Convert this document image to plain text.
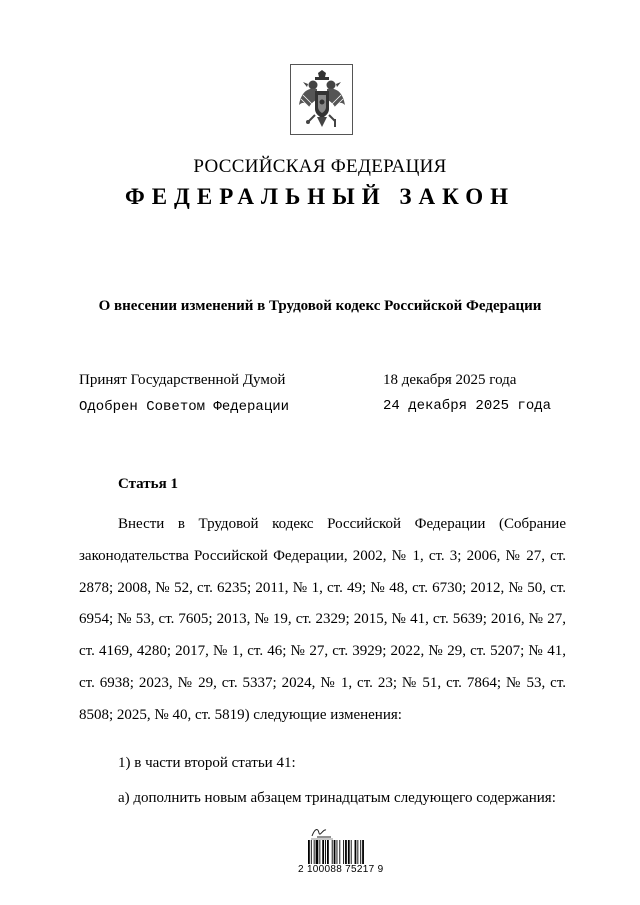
РОССИЙСКАЯ ФЕДЕРАЦИЯ
ФЕДЕРАЛЬНЫЙ ЗАКОН
О внесении изменений в Трудовой кодекс Российской Федерации
Принят Государственной Думой	18 декабря 2025 года
Одобрен Советом Федерации	24 декабря 2025 года
Статья 1
Внести в Трудовой кодекс Российской Федерации (Собрание законодательства Российской Федерации, 2002, № 1, ст. 3; 2006, № 27, ст. 2878; 2008, № 52, ст. 6235; 2011, № 1, ст. 49; № 48, ст. 6730; 2012, № 50, ст. 6954; № 53, ст. 7605; 2013, № 19, ст. 2329; 2015, № 41, ст. 5639; 2016, № 27, ст. 4169, 4280; 2017, № 1, ст. 46; № 27, ст. 3929; 2022, № 29, ст. 5207; № 41, ст. 6938; 2023, № 29, ст. 5337; 2024, № 1, ст. 23; № 51, ст. 7864; № 53, ст. 8508; 2025, № 40, ст. 5819) следующие изменения:
1) в части второй статьи 41:
а) дополнить новым абзацем тринадцатым следующего содержания:
2 100088 75217 9
